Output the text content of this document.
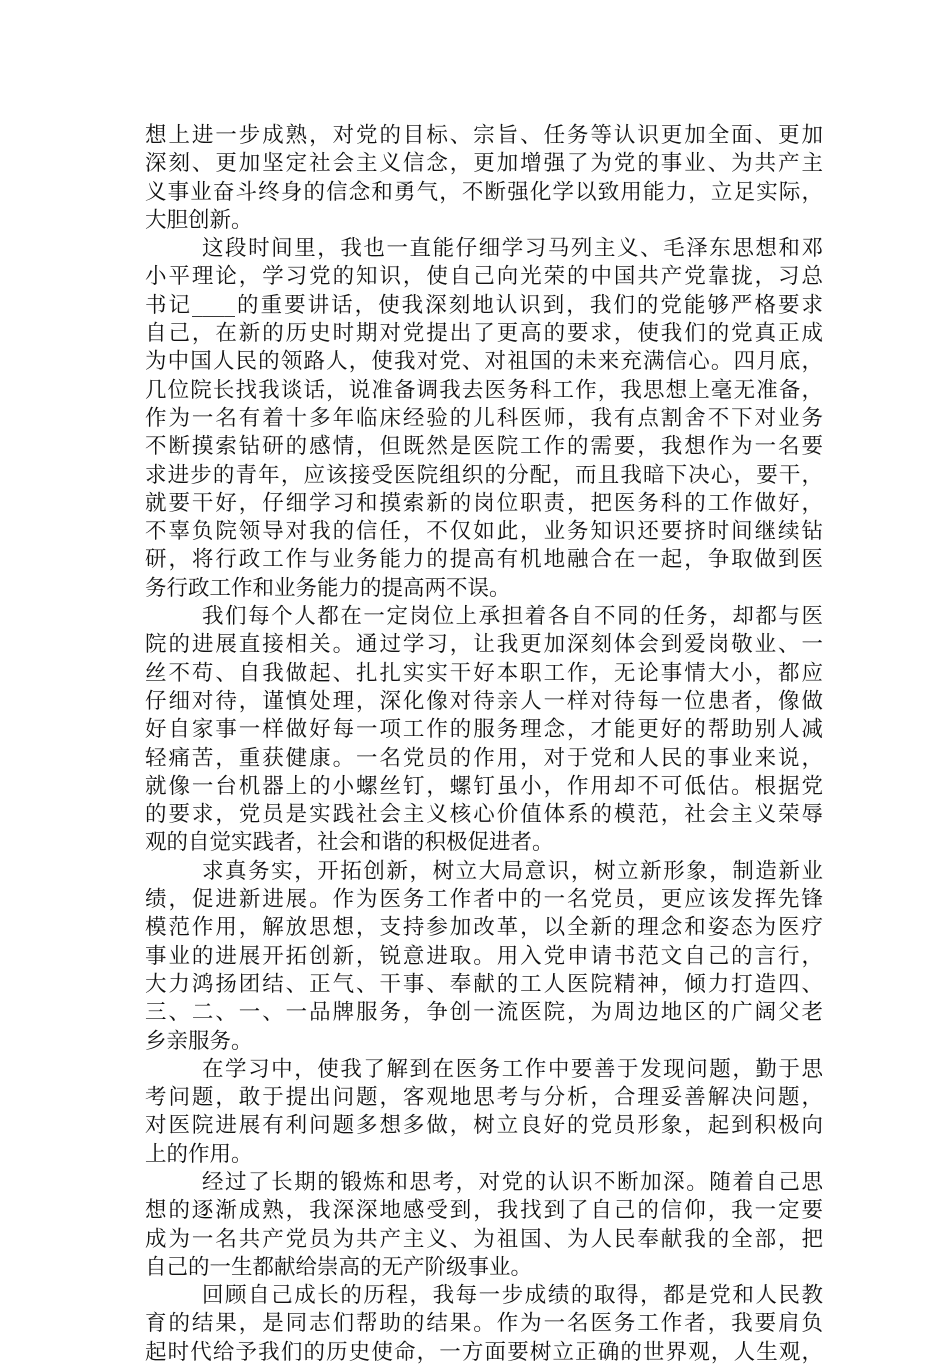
想上进一步成熟，对党的目标、宗旨、任务等认识更加全面、更加
深刻、更加坚定社会主义信念，更加增强了为党的事业、为共产主
义事业奋斗终身的信念和勇气，不断强化学以致用能力，立足实际，
大胆创新。
这段时间里，我也一直能仔细学习马列主义、毛泽东思想和邓
小平理论，学习党的知识，使自己向光荣的中国共产党靠拢，习总
书记____的重要讲话，使我深刻地认识到，我们的党能够严格要求
自己，在新的历史时期对党提出了更高的要求，使我们的党真正成
为中国人民的领路人，使我对党、对祖国的未来充满信心。四月底，
几位院长找我谈话，说准备调我去医务科工作，我思想上毫无准备，
作为一名有着十多年临床经验的儿科医师，我有点割舍不下对业务
不断摸索钻研的感情，但既然是医院工作的需要，我想作为一名要
求进步的青年，应该接受医院组织的分配，而且我暗下决心，要干，
就要干好，仔细学习和摸索新的岗位职责，把医务科的工作做好，
不辜负院领导对我的信任，不仅如此，业务知识还要挤时间继续钻
研，将行政工作与业务能力的提高有机地融合在一起，争取做到医
务行政工作和业务能力的提高两不误。
我们每个人都在一定岗位上承担着各自不同的任务，却都与医
院的进展直接相关。通过学习，让我更加深刻体会到爱岗敬业、一
丝不苟、自我做起、扎扎实实干好本职工作，无论事情大小，都应
仔细对待，谨慎处理，深化像对待亲人一样对待每一位患者，像做
好自家事一样做好每一项工作的服务理念，才能更好的帮助别人减
轻痛苦，重获健康。一名党员的作用，对于党和人民的事业来说，
就像一台机器上的小螺丝钉，螺钉虽小，作用却不可低估。根据党
的要求，党员是实践社会主义核心价值体系的模范，社会主义荣辱
观的自觉实践者，社会和谐的积极促进者。
求真务实，开拓创新，树立大局意识，树立新形象，制造新业
绩，促进新进展。作为医务工作者中的一名党员，更应该发挥先锋
模范作用，解放思想，支持参加改革，以全新的理念和姿态为医疗
事业的进展开拓创新，锐意进取。用入党申请书范文自己的言行，
大力鸿扬团结、正气、干事、奉献的工人医院精神，倾力打造四、
三、二、一、一品牌服务，争创一流医院，为周边地区的广阔父老
乡亲服务。
在学习中，使我了解到在医务工作中要善于发现问题，勤于思
考问题，敢于提出问题，客观地思考与分析，合理妥善解决问题，
对医院进展有利问题多想多做，树立良好的党员形象，起到积极向
上的作用。
经过了长期的锻炼和思考，对党的认识不断加深。随着自己思
想的逐渐成熟，我深深地感受到，我找到了自己的信仰，我一定要
成为一名共产党员为共产主义、为祖国、为人民奉献我的全部，把
自己的一生都献给崇高的无产阶级事业。
回顾自己成长的历程，我每一步成绩的取得，都是党和人民教
育的结果，是同志们帮助的结果。作为一名医务工作者，我要肩负
起时代给予我们的历史使命，一方面要树立正确的世界观，人生观，
